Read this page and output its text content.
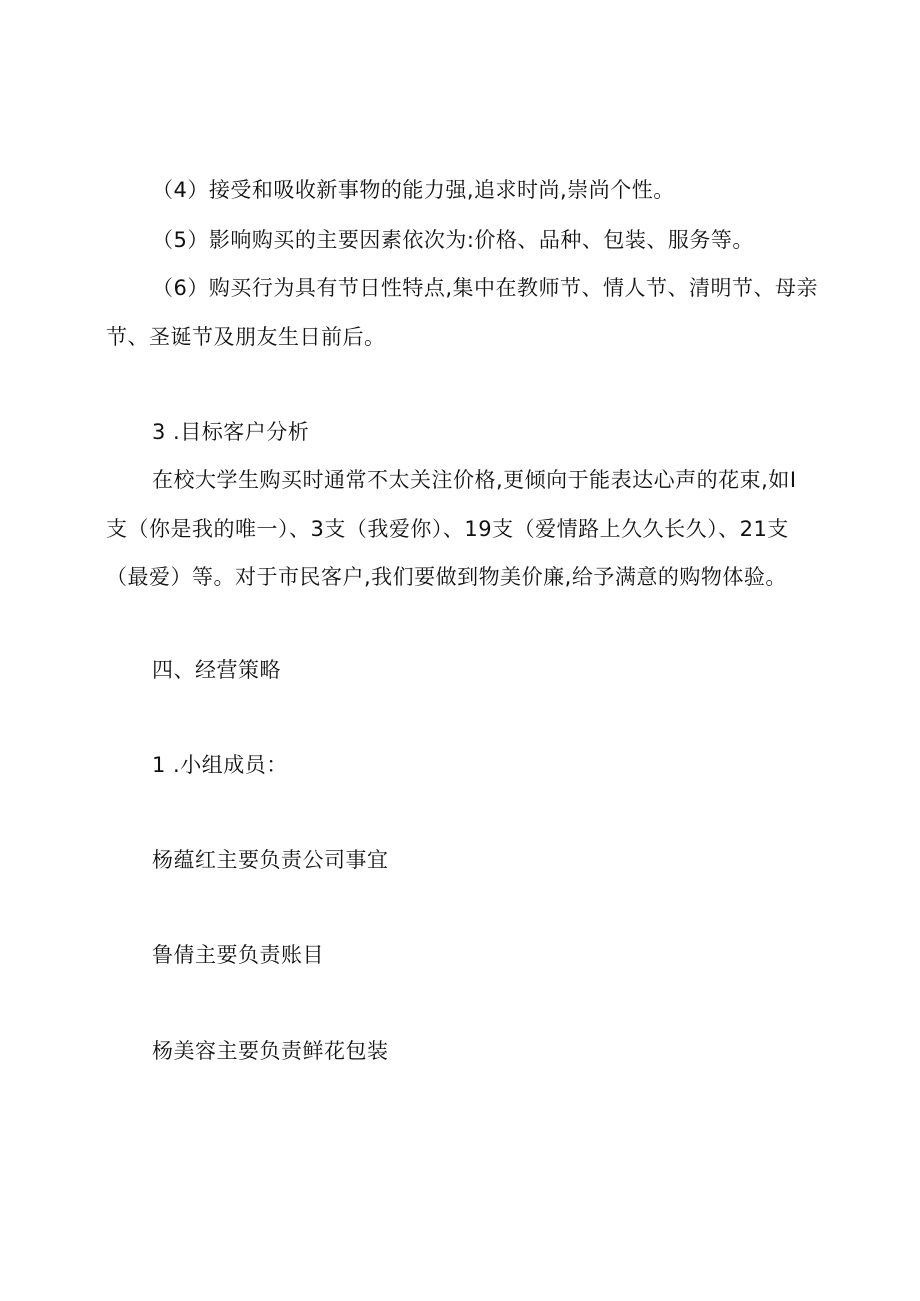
（4）接受和吸收新事物的能力强,追求时尚,崇尚个性。
（5）影响购买的主要因素依次为:价格、品种、包装、服务等。
（6）购买行为具有节日性特点,集中在教师节、情人节、清明节、母亲
节、圣诞节及朋友生日前后。
3 .目标客户分析
在校大学生购买时通常不太关注价格,更倾向于能表达心声的花束,如I
支（你是我的唯一）、3支（我爱你）、19支（爱情路上久久长久）、21支
（最爱）等。对于市民客户,我们要做到物美价廉,给予满意的购物体验。
四、经营策略
1 .小组成员：
杨蕴红主要负责公司事宜
鲁倩主要负责账目
杨美容主要负责鲜花包装
